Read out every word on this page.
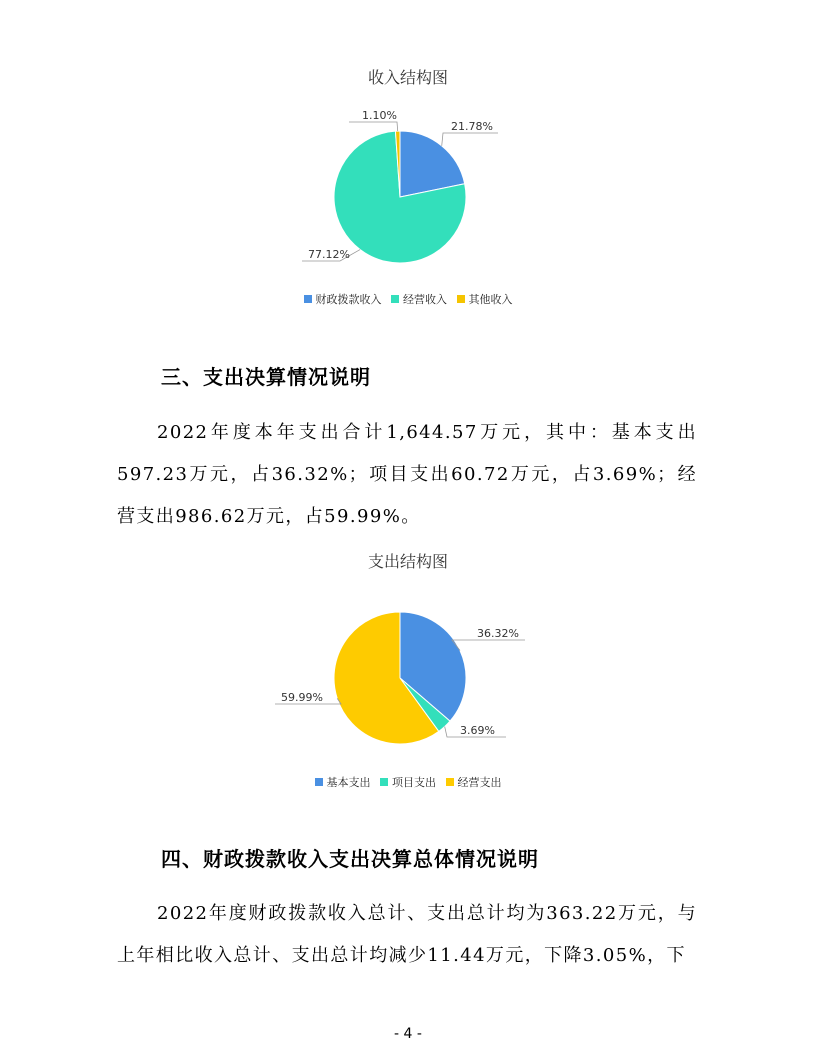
收入结构图
21.78%
77.12%
1.10%
财政拨款收入 经营收入 其他收入
三、支出决算情况说明

2022年度本年支出合计1,644.57万元，其中：基本支出597.23万元，占36.32%；项目支出60.72万元，占3.69%；经营支出986.62万元，占59.99%。

支出结构图
36.32%
3.69%
59.99%
基本支出 项目支出 经营支出
四、财政拨款收入支出决算总体情况说明

2022年度财政拨款收入总计、支出总计均为363.22万元，与上年相比收入总计、支出总计均减少11.44万元，下降3.05%，下

- 4 -
